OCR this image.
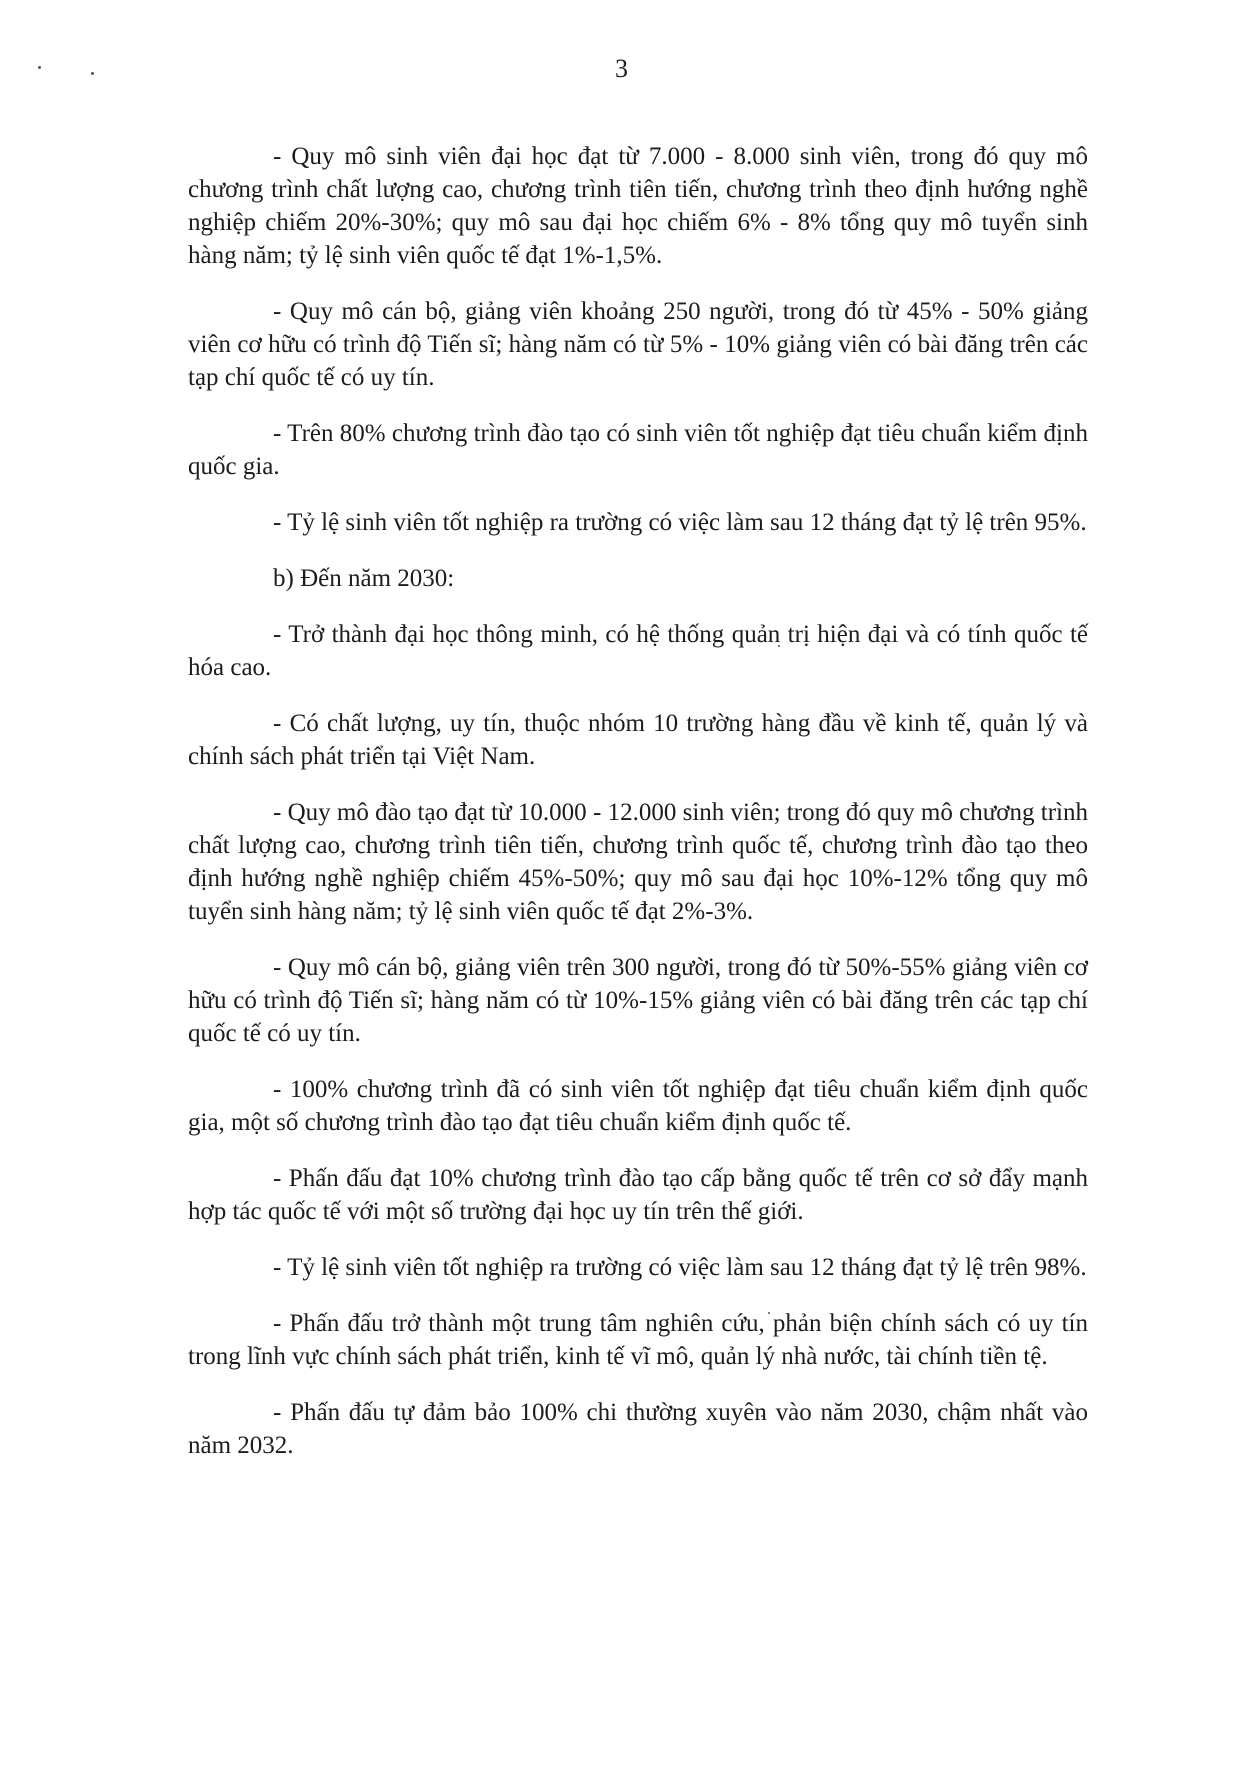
3

- Quy mô sinh viên đại học đạt từ 7.000 - 8.000 sinh viên, trong đó quy mô chương trình chất lượng cao, chương trình tiên tiến, chương trình theo định hướng nghề nghiệp chiếm 20%-30%; quy mô sau đại học chiếm 6% - 8% tổng quy mô tuyển sinh hàng năm; tỷ lệ sinh viên quốc tế đạt 1%-1,5%.

- Quy mô cán bộ, giảng viên khoảng 250 người, trong đó từ 45% - 50% giảng viên cơ hữu có trình độ Tiến sĩ; hàng năm có từ 5% - 10% giảng viên có bài đăng trên các tạp chí quốc tế có uy tín.

- Trên 80% chương trình đào tạo có sinh viên tốt nghiệp đạt tiêu chuẩn kiểm định quốc gia.

- Tỷ lệ sinh viên tốt nghiệp ra trường có việc làm sau 12 tháng đạt tỷ lệ trên 95%.

b) Đến năm 2030:

- Trở thành đại học thông minh, có hệ thống quản trị hiện đại và có tính quốc tế hóa cao.

- Có chất lượng, uy tín, thuộc nhóm 10 trường hàng đầu về kinh tế, quản lý và chính sách phát triển tại Việt Nam.

- Quy mô đào tạo đạt từ 10.000 - 12.000 sinh viên; trong đó quy mô chương trình chất lượng cao, chương trình tiên tiến, chương trình quốc tế, chương trình đào tạo theo định hướng nghề nghiệp chiếm 45%-50%; quy mô sau đại học 10%-12% tổng quy mô tuyển sinh hàng năm; tỷ lệ sinh viên quốc tế đạt 2%-3%.

- Quy mô cán bộ, giảng viên trên 300 người, trong đó từ 50%-55% giảng viên cơ hữu có trình độ Tiến sĩ; hàng năm có từ 10%-15% giảng viên có bài đăng trên các tạp chí quốc tế có uy tín.

- 100% chương trình đã có sinh viên tốt nghiệp đạt tiêu chuẩn kiểm định quốc gia, một số chương trình đào tạo đạt tiêu chuẩn kiểm định quốc tế.

- Phấn đấu đạt 10% chương trình đào tạo cấp bằng quốc tế trên cơ sở đẩy mạnh hợp tác quốc tế với một số trường đại học uy tín trên thế giới.

- Tỷ lệ sinh viên tốt nghiệp ra trường có việc làm sau 12 tháng đạt tỷ lệ trên 98%.

- Phấn đấu trở thành một trung tâm nghiên cứu, phản biện chính sách có uy tín trong lĩnh vực chính sách phát triển, kinh tế vĩ mô, quản lý nhà nước, tài chính tiền tệ.

- Phấn đấu tự đảm bảo 100% chi thường xuyên vào năm 2030, chậm nhất vào năm 2032.
